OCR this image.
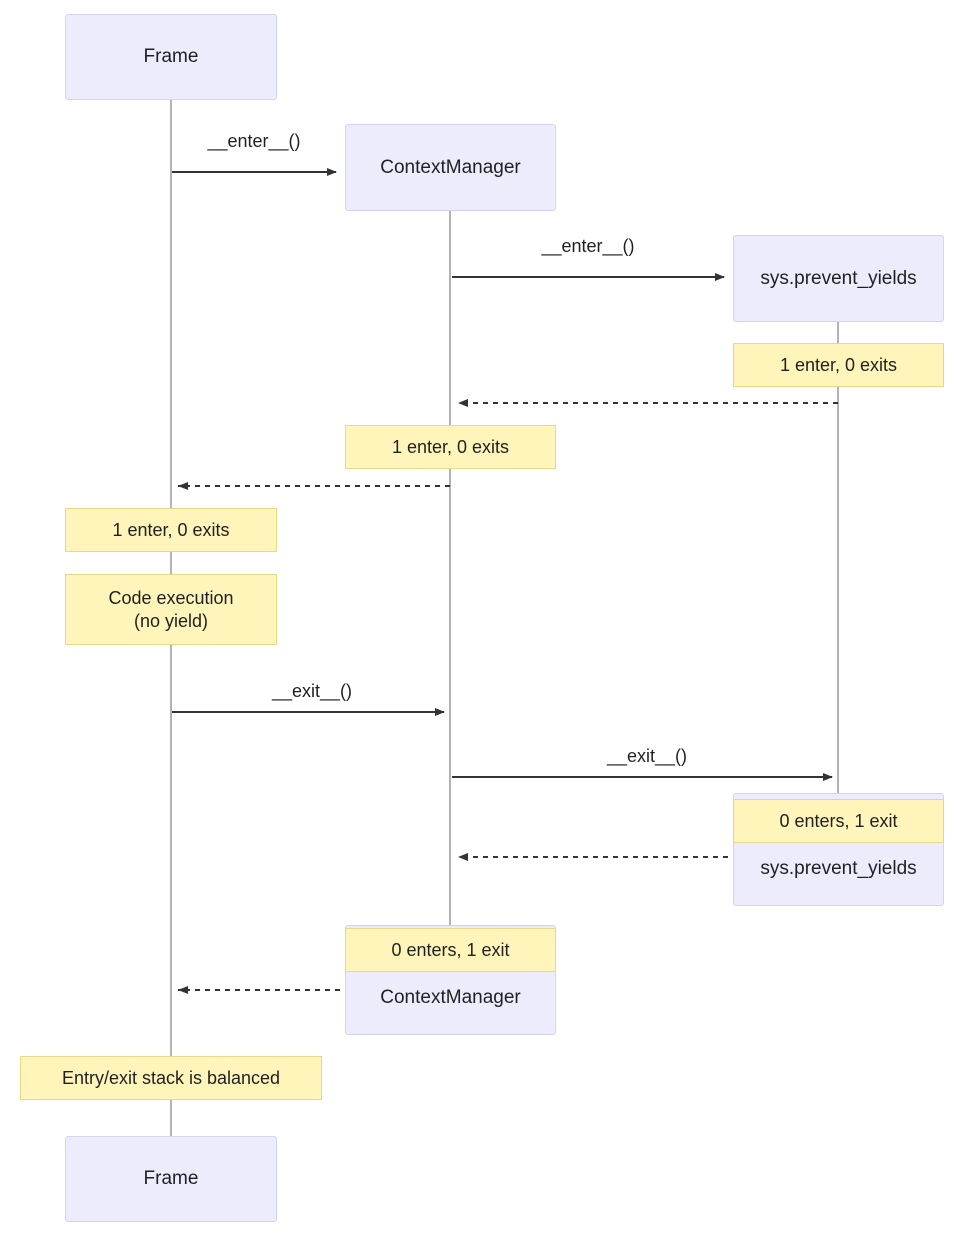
Frame
ContextManager
sys.prevent_yields
sys.prevent_yields
ContextManager
Frame
__enter__()
__enter__()
__exit__()
__exit__()
1 enter, 0 exits
1 enter, 0 exits
1 enter, 0 exits
Code execution
(no yield)
0 enters, 1 exit
0 enters, 1 exit
Entry/exit stack is balanced
